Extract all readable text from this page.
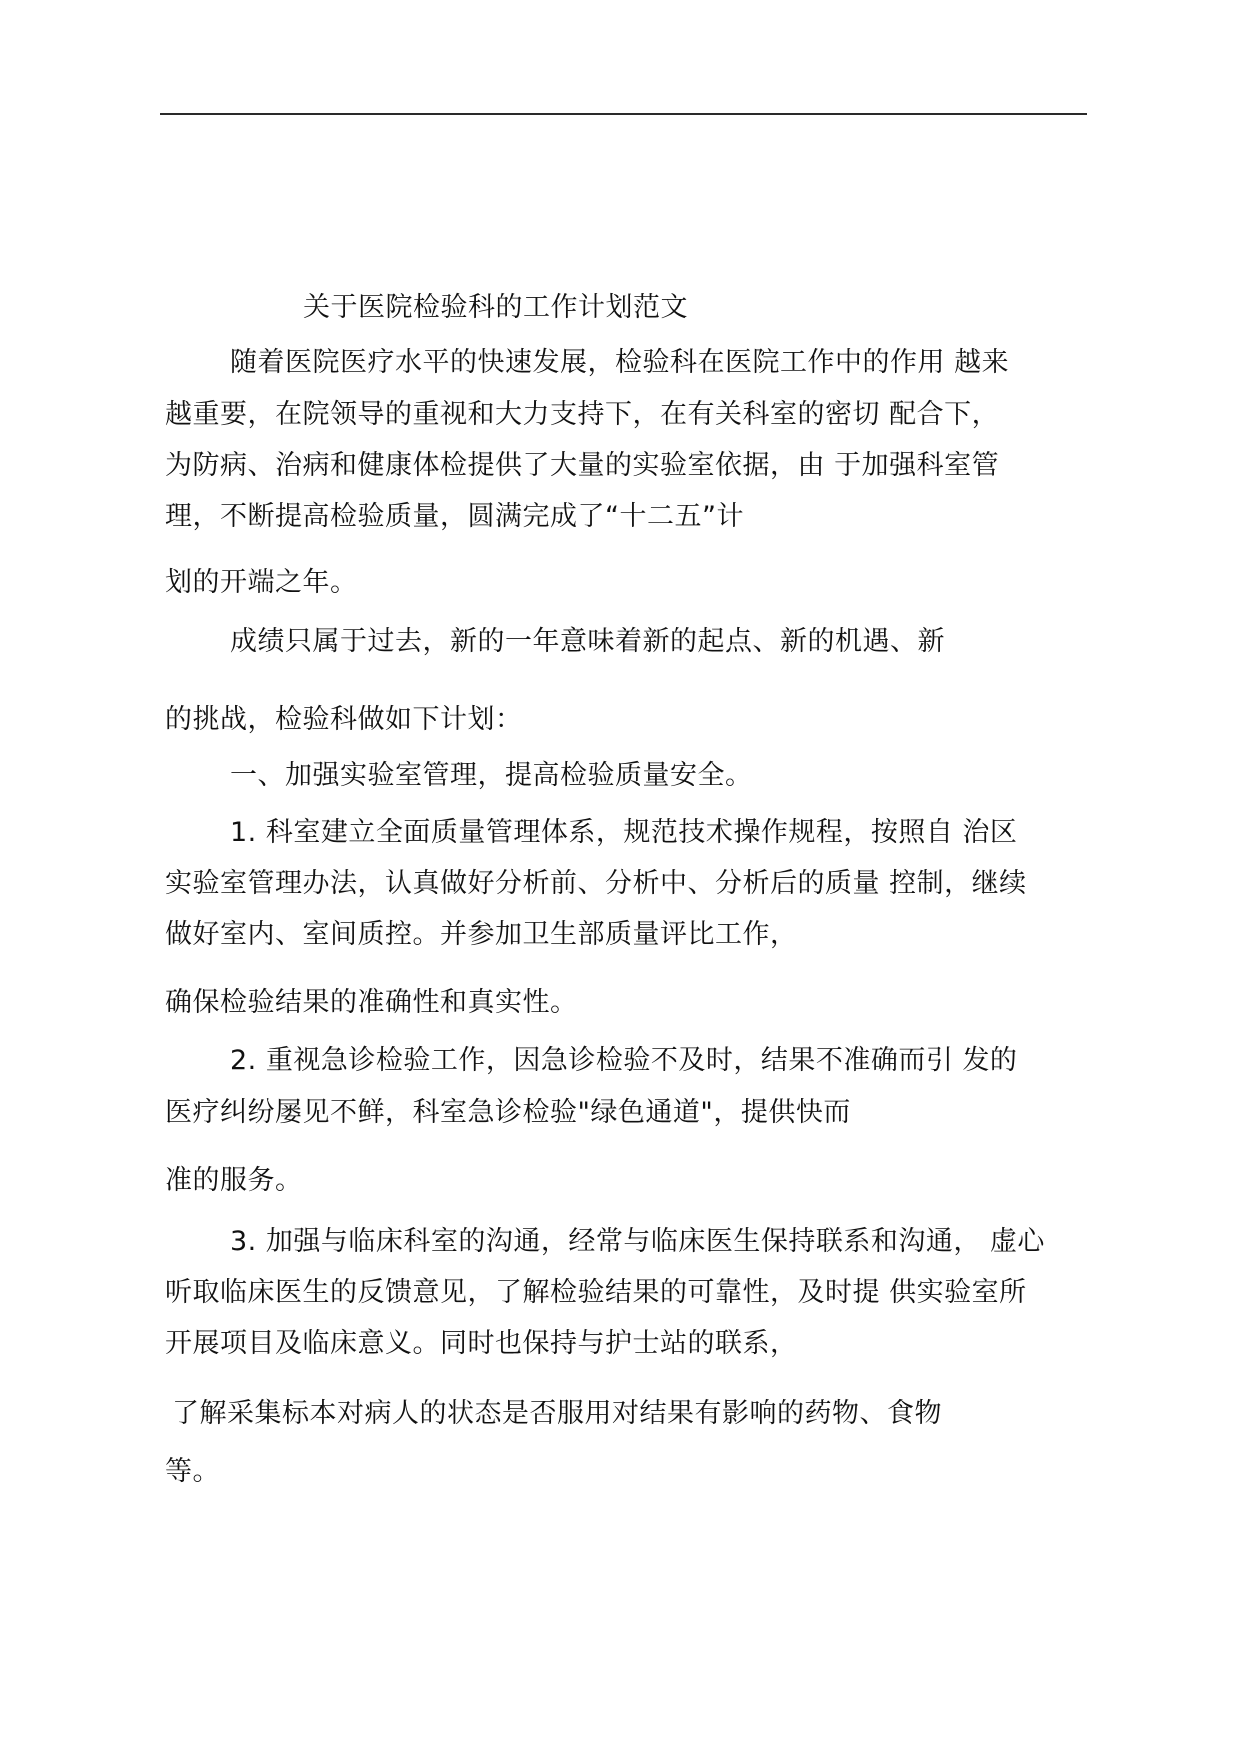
关于医院检验科的工作计划范文
随着医院医疗水平的快速发展，检验科在医院工作中的作用 越来
越重要，在院领导的重视和大力支持下，在有关科室的密切 配合下，
为防病、治病和健康体检提供了大量的实验室依据，由 于加强科室管
理，不断提高检验质量，圆满完成了“十二五”计
划的开端之年。
成绩只属于过去，新的一年意味着新的起点、新的机遇、新
的挑战，检验科做如下计划：
一、加强实验室管理，提高检验质量安全。
1. 科室建立全面质量管理体系，规范技术操作规程，按照自 治区
实验室管理办法，认真做好分析前、分析中、分析后的质量 控制，继续
做好室内、室间质控。并参加卫生部质量评比工作，
确保检验结果的准确性和真实性。
2. 重视急诊检验工作，因急诊检验不及时，结果不准确而引 发的
医疗纠纷屡见不鲜，科室急诊检验"绿色通道"，提供快而
准的服务。
3. 加强与临床科室的沟通，经常与临床医生保持联系和沟通， 虚心
听取临床医生的反馈意见，了解检验结果的可靠性，及时提 供实验室所
开展项目及临床意义。同时也保持与护士站的联系，
了解采集标本对病人的状态是否服用对结果有影响的药物、食物
等。
